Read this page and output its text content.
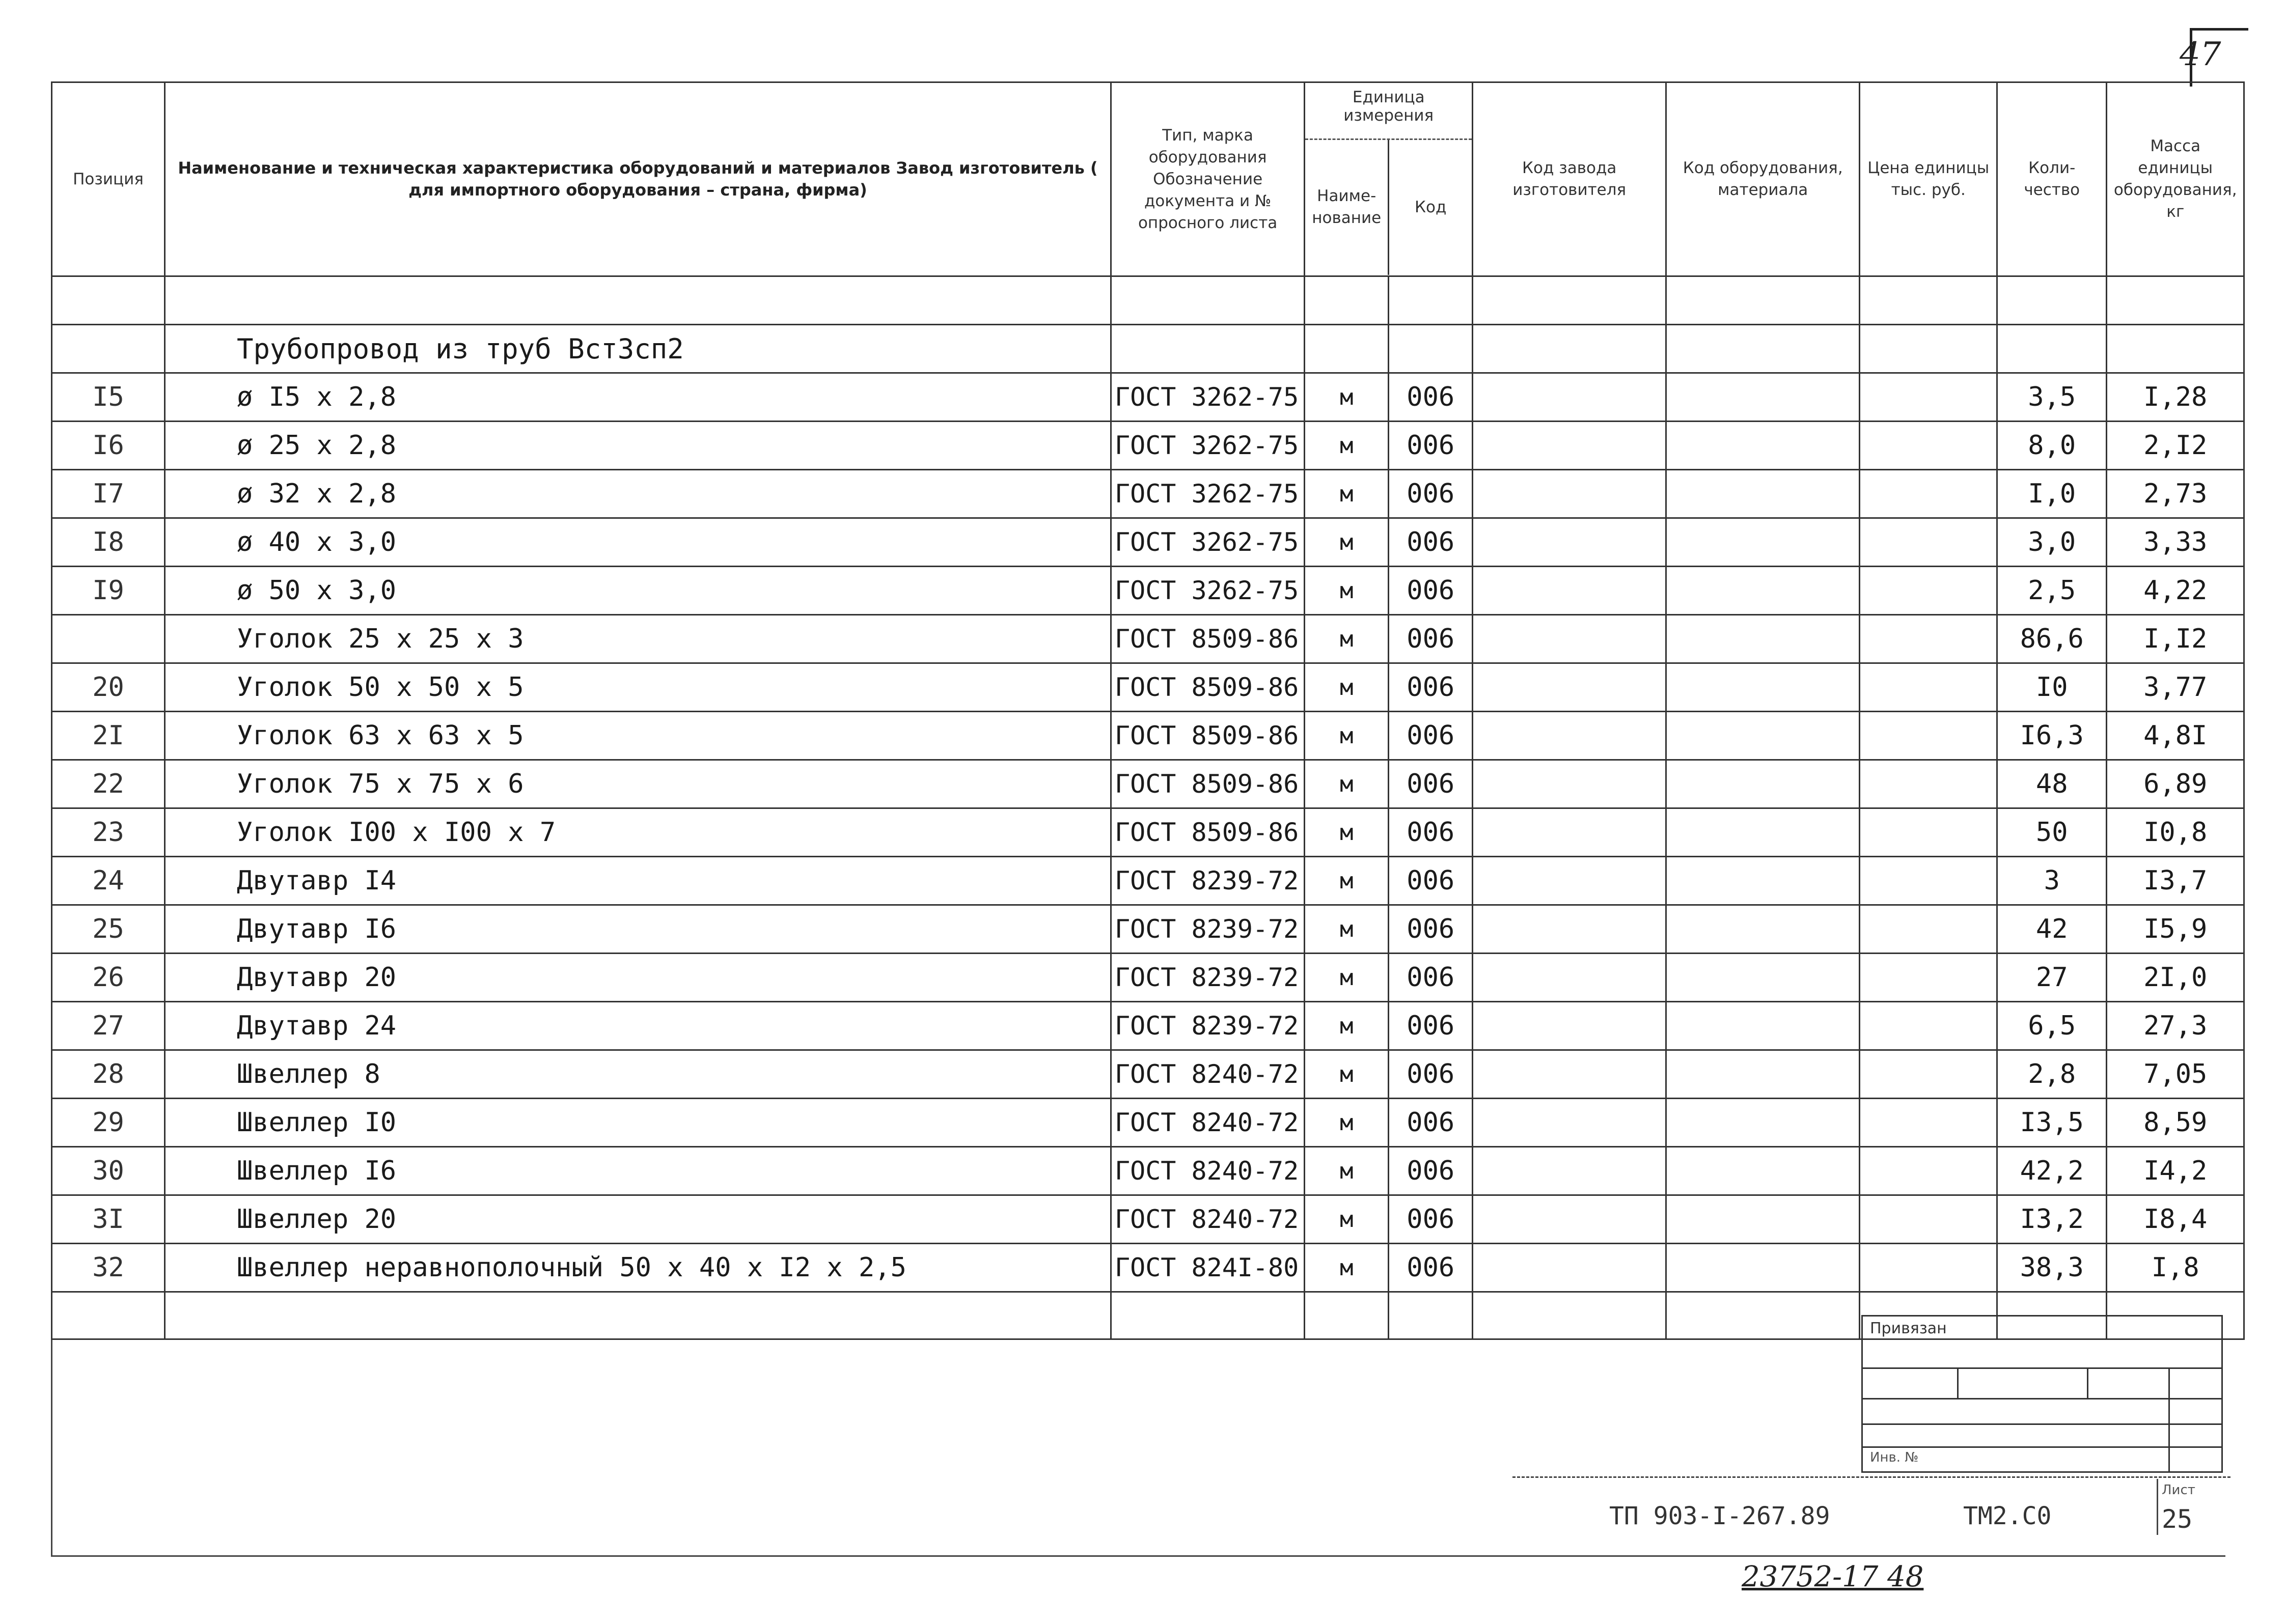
47
Позиция	Наименование и техническая характеристика оборудований и материалов Завод изготовитель ( для импортного оборудования – страна, фирма)	Тип, марка оборудования Обозначение документа и № опросного листа	Единица измерения
Наиме-нование
Код		Код завода изготовителя	Код оборудования, материала	Цена единицы тыс. руб.	Коли-чество	Масса единицы оборудования, кг

	Трубопровод из труб ВстЗсп2								
I5	ø I5 x 2,8	ГОСТ 3262-75	м	006				3,5	I,28
I6	ø 25 x 2,8	ГОСТ 3262-75	м	006				8,0	2,I2
I7	ø 32 x 2,8	ГОСТ 3262-75	м	006				I,0	2,73
I8	ø 40 x 3,0	ГОСТ 3262-75	м	006				3,0	3,33
I9	ø 50 x 3,0	ГОСТ 3262-75	м	006				2,5	4,22
	Уголок 25 x 25 x 3	ГОСТ 8509-86	м	006				86,6	I,I2
20	Уголок 50 x 50 x 5	ГОСТ 8509-86	м	006				I0	3,77
2I	Уголок 63 x 63 x 5	ГОСТ 8509-86	м	006				I6,3	4,8I
22	Уголок 75 x 75 x 6	ГОСТ 8509-86	м	006				48	6,89
23	Уголок I00 x I00 x 7	ГОСТ 8509-86	м	006				50	I0,8
24	Двутавр I4	ГОСТ 8239-72	м	006				3	I3,7
25	Двутавр I6	ГОСТ 8239-72	м	006				42	I5,9
26	Двутавр 20	ГОСТ 8239-72	м	006				27	2I,0
27	Двутавр 24	ГОСТ 8239-72	м	006				6,5	27,3
28	Швеллер 8	ГОСТ 8240-72	м	006				2,8	7,05
29	Швеллер I0	ГОСТ 8240-72	м	006				I3,5	8,59
30	Швеллер I6	ГОСТ 8240-72	м	006				42,2	I4,2
3I	Швеллер 20	ГОСТ 8240-72	м	006				I3,2	I8,4
32	Швеллер неравнополочный 50 x 40 x I2 x 2,5	ГОСТ 824I-80	м	006				38,3	I,8

Привязан
Инв. №
ТП 903-I-267.89	ТМ2.С0
Лист
25
23752-17 48
